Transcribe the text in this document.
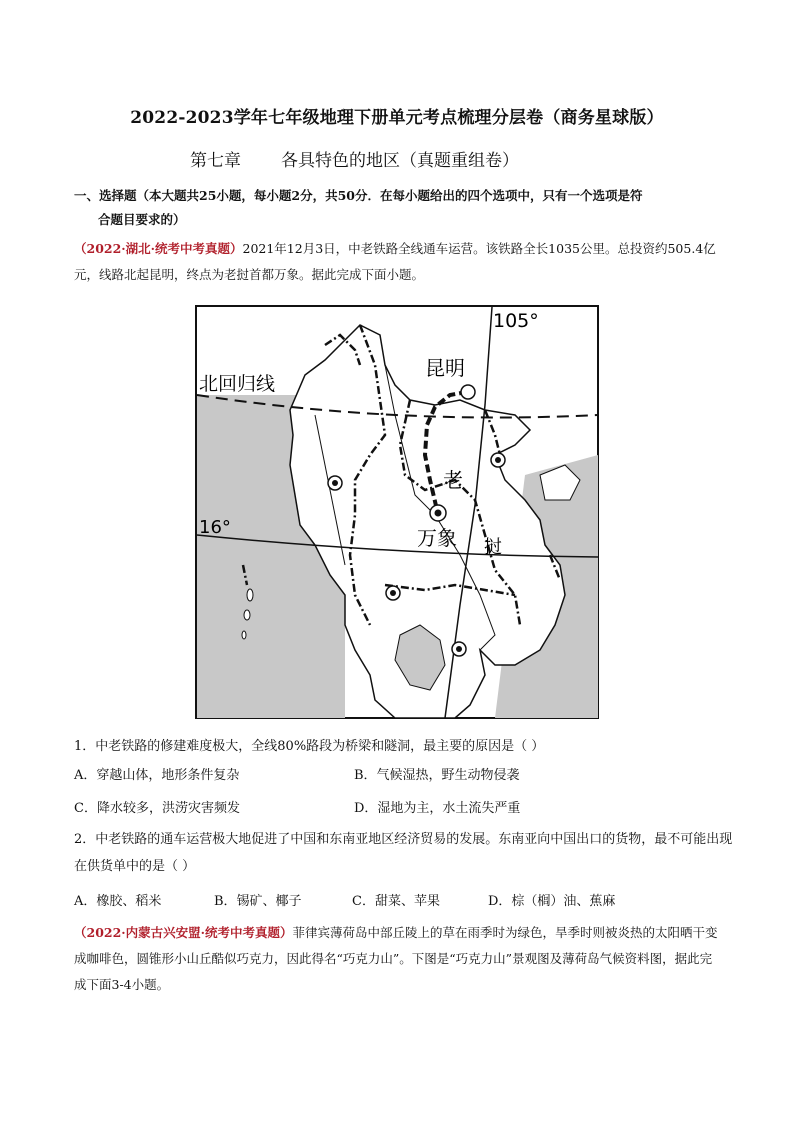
2022-2023学年七年级地理下册单元考点梳理分层卷（商务星球版）
第七章 各具特色的地区（真题重组卷）
一、选择题（本大题共25小题，每小题2分，共50分．在每小题给出的四个选项中，只有一个选项是符
合题目要求的）
（2022·湖北·统考中考真题）2021年12月3日，中老铁路全线通车运营。该铁路全长1035公里。总投资约505.4亿元，线路北起昆明，终点为老挝首都万象。据此完成下面小题。
105°
昆明
北回归线
16°
老
万象 挝
1．中老铁路的修建难度极大，全线80%路段为桥梁和隧洞，最主要的原因是（ ）
A．穿越山体，地形条件复杂	B．气候湿热，野生动物侵袭
C．降水较多，洪涝灾害频发	D．湿地为主，水土流失严重
2．中老铁路的通车运营极大地促进了中国和东南亚地区经济贸易的发展。东南亚向中国出口的货物，最不可能出现在供货单中的是（ ）
A．橡胶、稻米	B．锡矿、椰子	C．甜菜、苹果	D．棕（榈）油、蕉麻
（2022·内蒙古兴安盟·统考中考真题）菲律宾薄荷岛中部丘陵上的草在雨季时为绿色，旱季时则被炎热的太阳晒干变成咖啡色，圆锥形小山丘酷似巧克力，因此得名“巧克力山”。下图是“巧克力山”景观图及薄荷岛气候资料图，据此完成下面3-4小题。
